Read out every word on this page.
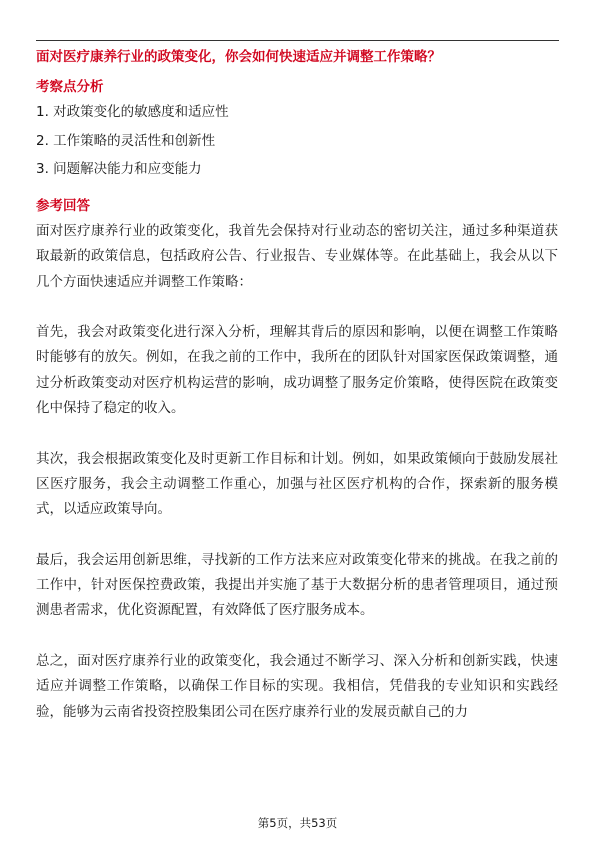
面对医疗康养行业的政策变化，你会如何快速适应并调整工作策略？
考察点分析
1. 对政策变化的敏感度和适应性
2. 工作策略的灵活性和创新性
3. 问题解决能力和应变能力
参考回答

面对医疗康养行业的政策变化，我首先会保持对行业动态的密切关注，通过多种渠道获取最新的政策信息，包括政府公告、行业报告、专业媒体等。在此基础上，我会从以下几个方面快速适应并调整工作策略：

首先，我会对政策变化进行深入分析，理解其背后的原因和影响，以便在调整工作策略时能够有的放矢。例如，在我之前的工作中，我所在的团队针对国家医保政策调整，通过分析政策变动对医疗机构运营的影响，成功调整了服务定价策略，使得医院在政策变化中保持了稳定的收入。

其次，我会根据政策变化及时更新工作目标和计划。例如，如果政策倾向于鼓励发展社区医疗服务，我会主动调整工作重心，加强与社区医疗机构的合作，探索新的服务模式，以适应政策导向。

最后，我会运用创新思维，寻找新的工作方法来应对政策变化带来的挑战。在我之前的工作中，针对医保控费政策，我提出并实施了基于大数据分析的患者管理项目，通过预测患者需求，优化资源配置，有效降低了医疗服务成本。

总之，面对医疗康养行业的政策变化，我会通过不断学习、深入分析和创新实践，快速适应并调整工作策略，以确保工作目标的实现。我相信，凭借我的专业知识和实践经验，能够为云南省投资控股集团公司在医疗康养行业的发展贡献自己的力

第5页，共53页
